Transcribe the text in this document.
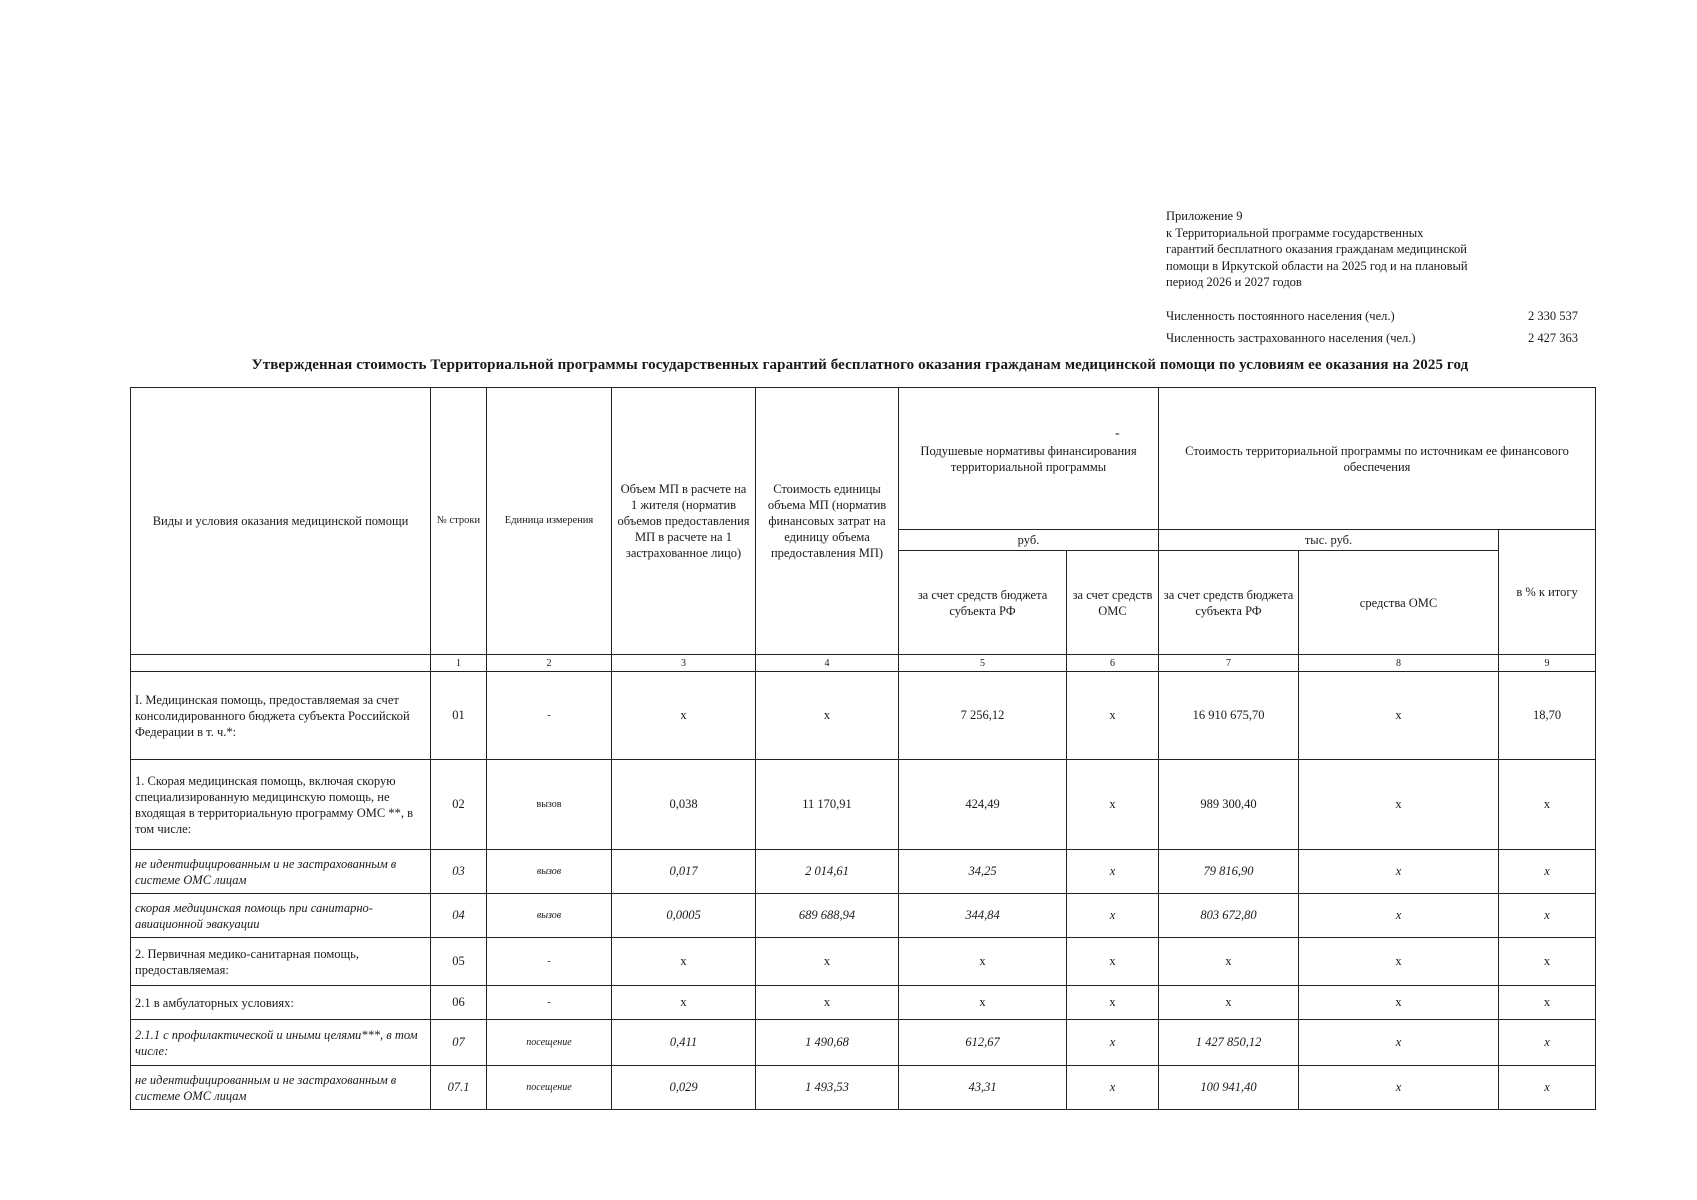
Приложение 9
к Территориальной программе государственных
гарантий бесплатного оказания гражданам медицинской
помощи в Иркутской области на 2025 год и на плановый
период 2026 и 2027 годов
Численность постоянного населения (чел.)	2 330 537
Численность застрахованного населения (чел.)	2 427 363
Утвержденная стоимость Территориальной программы государственных гарантий бесплатного оказания гражданам медицинской помощи по условиям ее оказания на 2025 год
-
Виды и условия оказания медицинской помощи	№ строки	Единица измерения	Объем МП в расчете на 1 жителя (норматив объемов предоставления МП в расчете на 1 застрахованное лицо)	Стоимость единицы объема МП (норматив финансовых затрат на единицу объема предоставления МП)	Подушевые нормативы финансирования территориальной программы		Стоимость территориальной программы по источникам ее финансового обеспечения		
					руб.		тыс. руб.		в % к итогу
					за счет средств бюджета субъекта РФ	за счет средств ОМС	за счет средств бюджета субъекта РФ	средства ОМС	
	1	2	3	4	5	6	7	8	9
I. Медицинская помощь, предоставляемая за счет консолидированного бюджета субъекта Российской Федерации в т. ч.*:	01	-	x	x	7 256,12	x	16 910 675,70	x	18,70
1. Скорая медицинская помощь, включая скорую специализированную медицинскую помощь, не входящая в территориальную программу ОМС **, в том числе:	02	вызов	0,038	11 170,91	424,49	x	989 300,40	x	x
не идентифицированным и не застрахованным в системе ОМС лицам	03	вызов	0,017	2 014,61	34,25	x	79 816,90	x	x
скорая медицинская помощь при санитарно-авиационной эвакуации	04	вызов	0,0005	689 688,94	344,84	x	803 672,80	x	x
2. Первичная медико-санитарная помощь, предоставляемая:	05	-	x	x	x	x	x	x	x
2.1 в амбулаторных условиях:	06	-	x	x	x	x	x	x	x
2.1.1 с профилактической и иными целями***, в том числе:	07	посещение	0,411	1 490,68	612,67	x	1 427 850,12	x	x
не идентифицированным и не застрахованным в системе ОМС лицам	07.1	посещение	0,029	1 493,53	43,31	x	100 941,40	x	x
